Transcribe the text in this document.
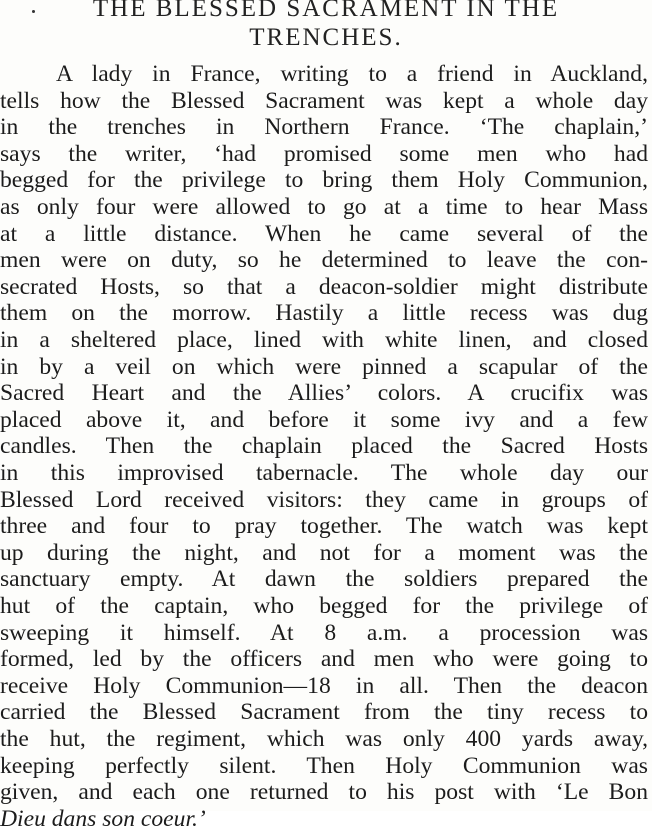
THE BLESSED SACRAMENT IN THE
TRENCHES.

A lady in France, writing to a friend in Auckland,

tells how the Blessed Sacrament was kept a whole day

in the trenches in Northern France. ‘The chaplain,’

says the writer, ‘had promised some men who had

begged for the privilege to bring them Holy Communion,

as only four were allowed to go at a time to hear Mass

at a little distance. When he came several of the

men were on duty, so he determined to leave the con-

secrated Hosts, so that a deacon-soldier might distribute

them on the morrow. Hastily a little recess was dug

in a sheltered place, lined with white linen, and closed

in by a veil on which were pinned a scapular of the

Sacred Heart and the Allies’ colors. A crucifix was

placed above it, and before it some ivy and a few

candles. Then the chaplain placed the Sacred Hosts

in this improvised tabernacle. The whole day our

Blessed Lord received visitors: they came in groups of

three and four to pray together. The watch was kept

up during the night, and not for a moment was the

sanctuary empty. At dawn the soldiers prepared the

hut of the captain, who begged for the privilege of

sweeping it himself. At 8 a.m. a procession was

formed, led by the officers and men who were going to

receive Holy Communion—18 in all. Then the deacon

carried the Blessed Sacrament from the tiny recess to

the hut, the regiment, which was only 400 yards away,

keeping perfectly silent. Then Holy Communion was

given, and each one returned to his post with ‘Le Bon

Dieu dans son coeur.’
